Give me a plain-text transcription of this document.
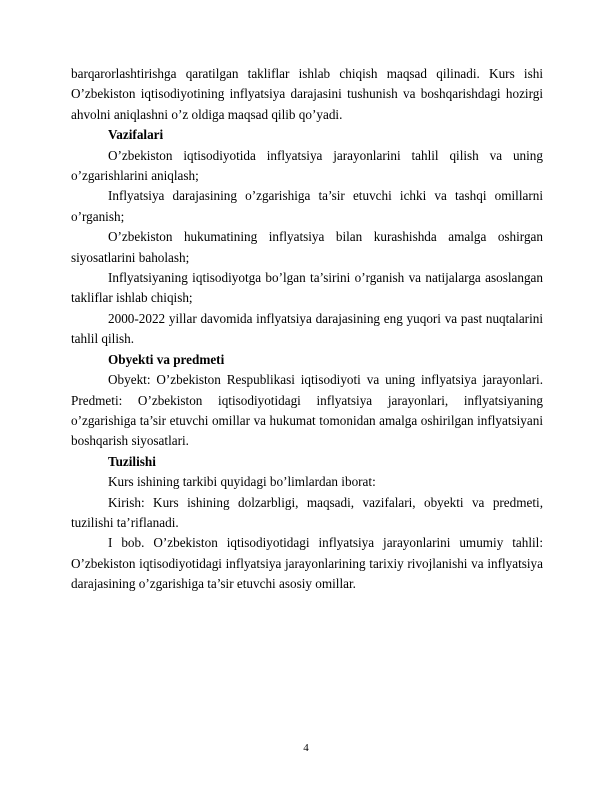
barqarorlashtirishga qaratilgan takliflar ishlab chiqish maqsad qilinadi. Kurs ishi O’zbekiston iqtisodiyotining inflyatsiya darajasini tushunish va boshqarishdagi hozirgi ahvolni aniqlashni o’z oldiga maqsad qilib qo’yadi.

Vazifalari

O’zbekiston iqtisodiyotida inflyatsiya jarayonlarini tahlil qilish va uning o’zgarishlarini aniqlash;

Inflyatsiya darajasining o’zgarishiga ta’sir etuvchi ichki va tashqi omillarni o’rganish;

O’zbekiston hukumatining inflyatsiya bilan kurashishda amalga oshirgan siyosatlarini baholash;

Inflyatsiyaning iqtisodiyotga bo’lgan ta’sirini o’rganish va natijalarga asoslangan takliflar ishlab chiqish;

2000-2022 yillar davomida inflyatsiya darajasining eng yuqori va past nuqtalarini tahlil qilish.

Obyekti va predmeti

Obyekt: O’zbekiston Respublikasi iqtisodiyoti va uning inflyatsiya jarayonlari. Predmeti: O’zbekiston iqtisodiyotidagi inflyatsiya jarayonlari, inflyatsiyaning o’zgarishiga ta’sir etuvchi omillar va hukumat tomonidan amalga oshirilgan inflyatsiyani boshqarish siyosatlari.

Tuzilishi

Kurs ishining tarkibi quyidagi bo’limlardan iborat:

Kirish: Kurs ishining dolzarbligi, maqsadi, vazifalari, obyekti va predmeti, tuzilishi ta’riflanadi.

I bob. O’zbekiston iqtisodiyotidagi inflyatsiya jarayonlarini umumiy tahlil: O’zbekiston iqtisodiyotidagi inflyatsiya jarayonlarining tarixiy rivojlanishi va inflyatsiya darajasining o’zgarishiga ta’sir etuvchi asosiy omillar.

4
